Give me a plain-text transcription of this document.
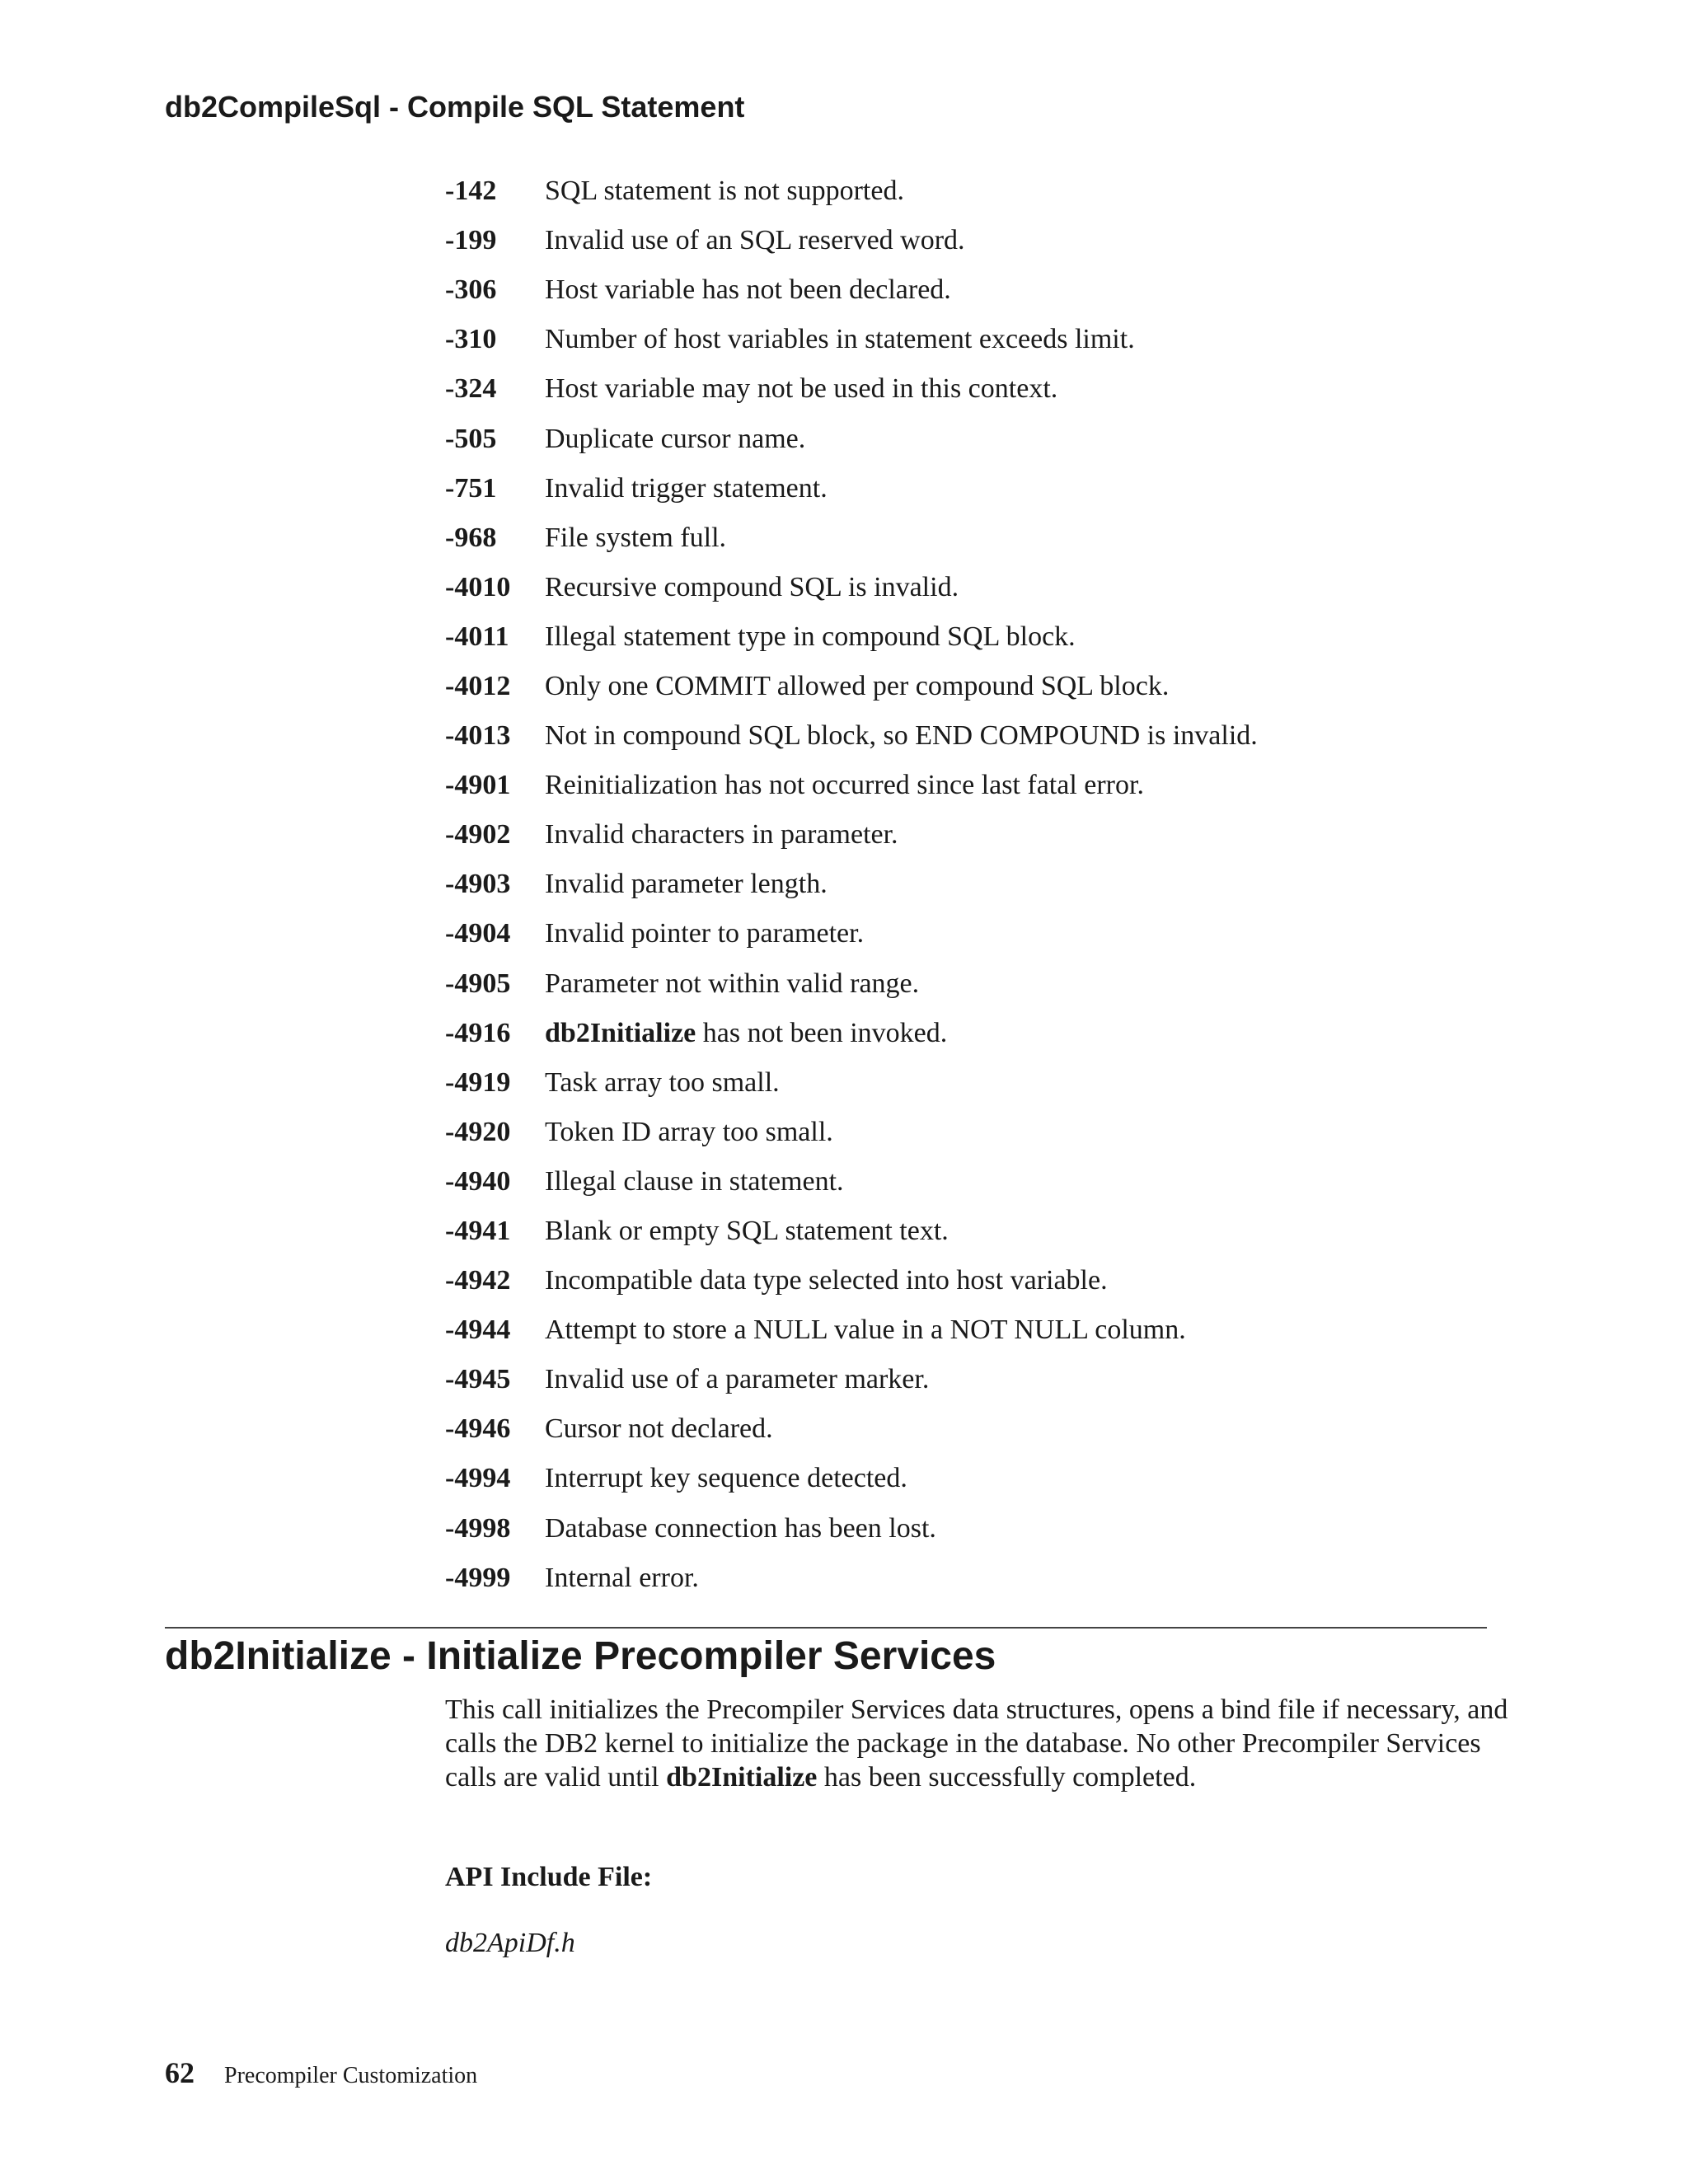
db2CompileSql - Compile SQL Statement
-142	SQL statement is not supported.
-199	Invalid use of an SQL reserved word.
-306	Host variable has not been declared.
-310	Number of host variables in statement exceeds limit.
-324	Host variable may not be used in this context.
-505	Duplicate cursor name.
-751	Invalid trigger statement.
-968	File system full.
-4010	Recursive compound SQL is invalid.
-4011	Illegal statement type in compound SQL block.
-4012	Only one COMMIT allowed per compound SQL block.
-4013	Not in compound SQL block, so END COMPOUND is invalid.
-4901	Reinitialization has not occurred since last fatal error.
-4902	Invalid characters in parameter.
-4903	Invalid parameter length.
-4904	Invalid pointer to parameter.
-4905	Parameter not within valid range.
-4916	db2Initialize has not been invoked.
-4919	Task array too small.
-4920	Token ID array too small.
-4940	Illegal clause in statement.
-4941	Blank or empty SQL statement text.
-4942	Incompatible data type selected into host variable.
-4944	Attempt to store a NULL value in a NOT NULL column.
-4945	Invalid use of a parameter marker.
-4946	Cursor not declared.
-4994	Interrupt key sequence detected.
-4998	Database connection has been lost.
-4999	Internal error.
db2Initialize - Initialize Precompiler Services

This call initializes the Precompiler Services data structures, opens a bind file if necessary, and calls the DB2 kernel to initialize the package in the database. No other Precompiler Services calls are valid until db2Initialize has been successfully completed.

API Include File:

db2ApiDf.h

62 Precompiler Customization
